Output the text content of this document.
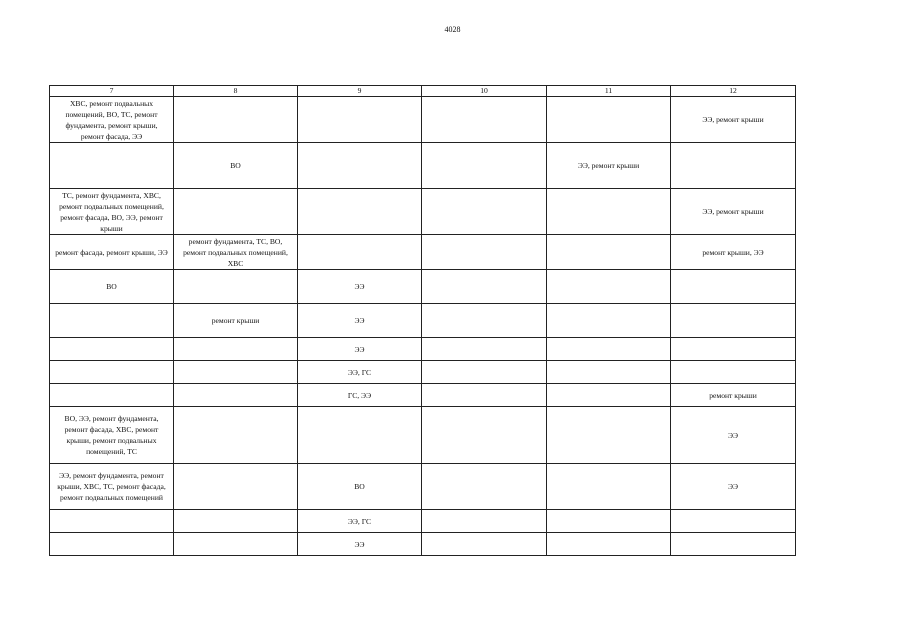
4028
7	8	9	10	11	12
ХВС, ремонт подвальных помещений, ВО, ТС, ремонт фундамента, ремонт крыши, ремонт фасада, ЭЭ					ЭЭ, ремонт крыши
	ВО			ЭЭ, ремонт крыши	
ТС, ремонт фундамента, ХВС, ремонт подвальных помещений, ремонт фасада, ВО, ЭЭ, ремонт крыши					ЭЭ, ремонт крыши
ремонт фасада, ремонт крыши, ЭЭ	ремонт фундамента, ТС, ВО, ремонт подвальных помещений, ХВС				ремонт крыши, ЭЭ
ВО		ЭЭ			
	ремонт крыши	ЭЭ			
		ЭЭ			
		ЭЭ, ГС			
		ГС, ЭЭ			ремонт крыши
ВО, ЭЭ, ремонт фундамента, ремонт фасада, ХВС, ремонт крыши, ремонт подвальных помещений, ТС					ЭЭ
ЭЭ, ремонт фундамента, ремонт крыши, ХВС, ТС, ремонт фасада, ремонт подвальных помещений		ВО			ЭЭ
		ЭЭ, ГС			
		ЭЭ			
